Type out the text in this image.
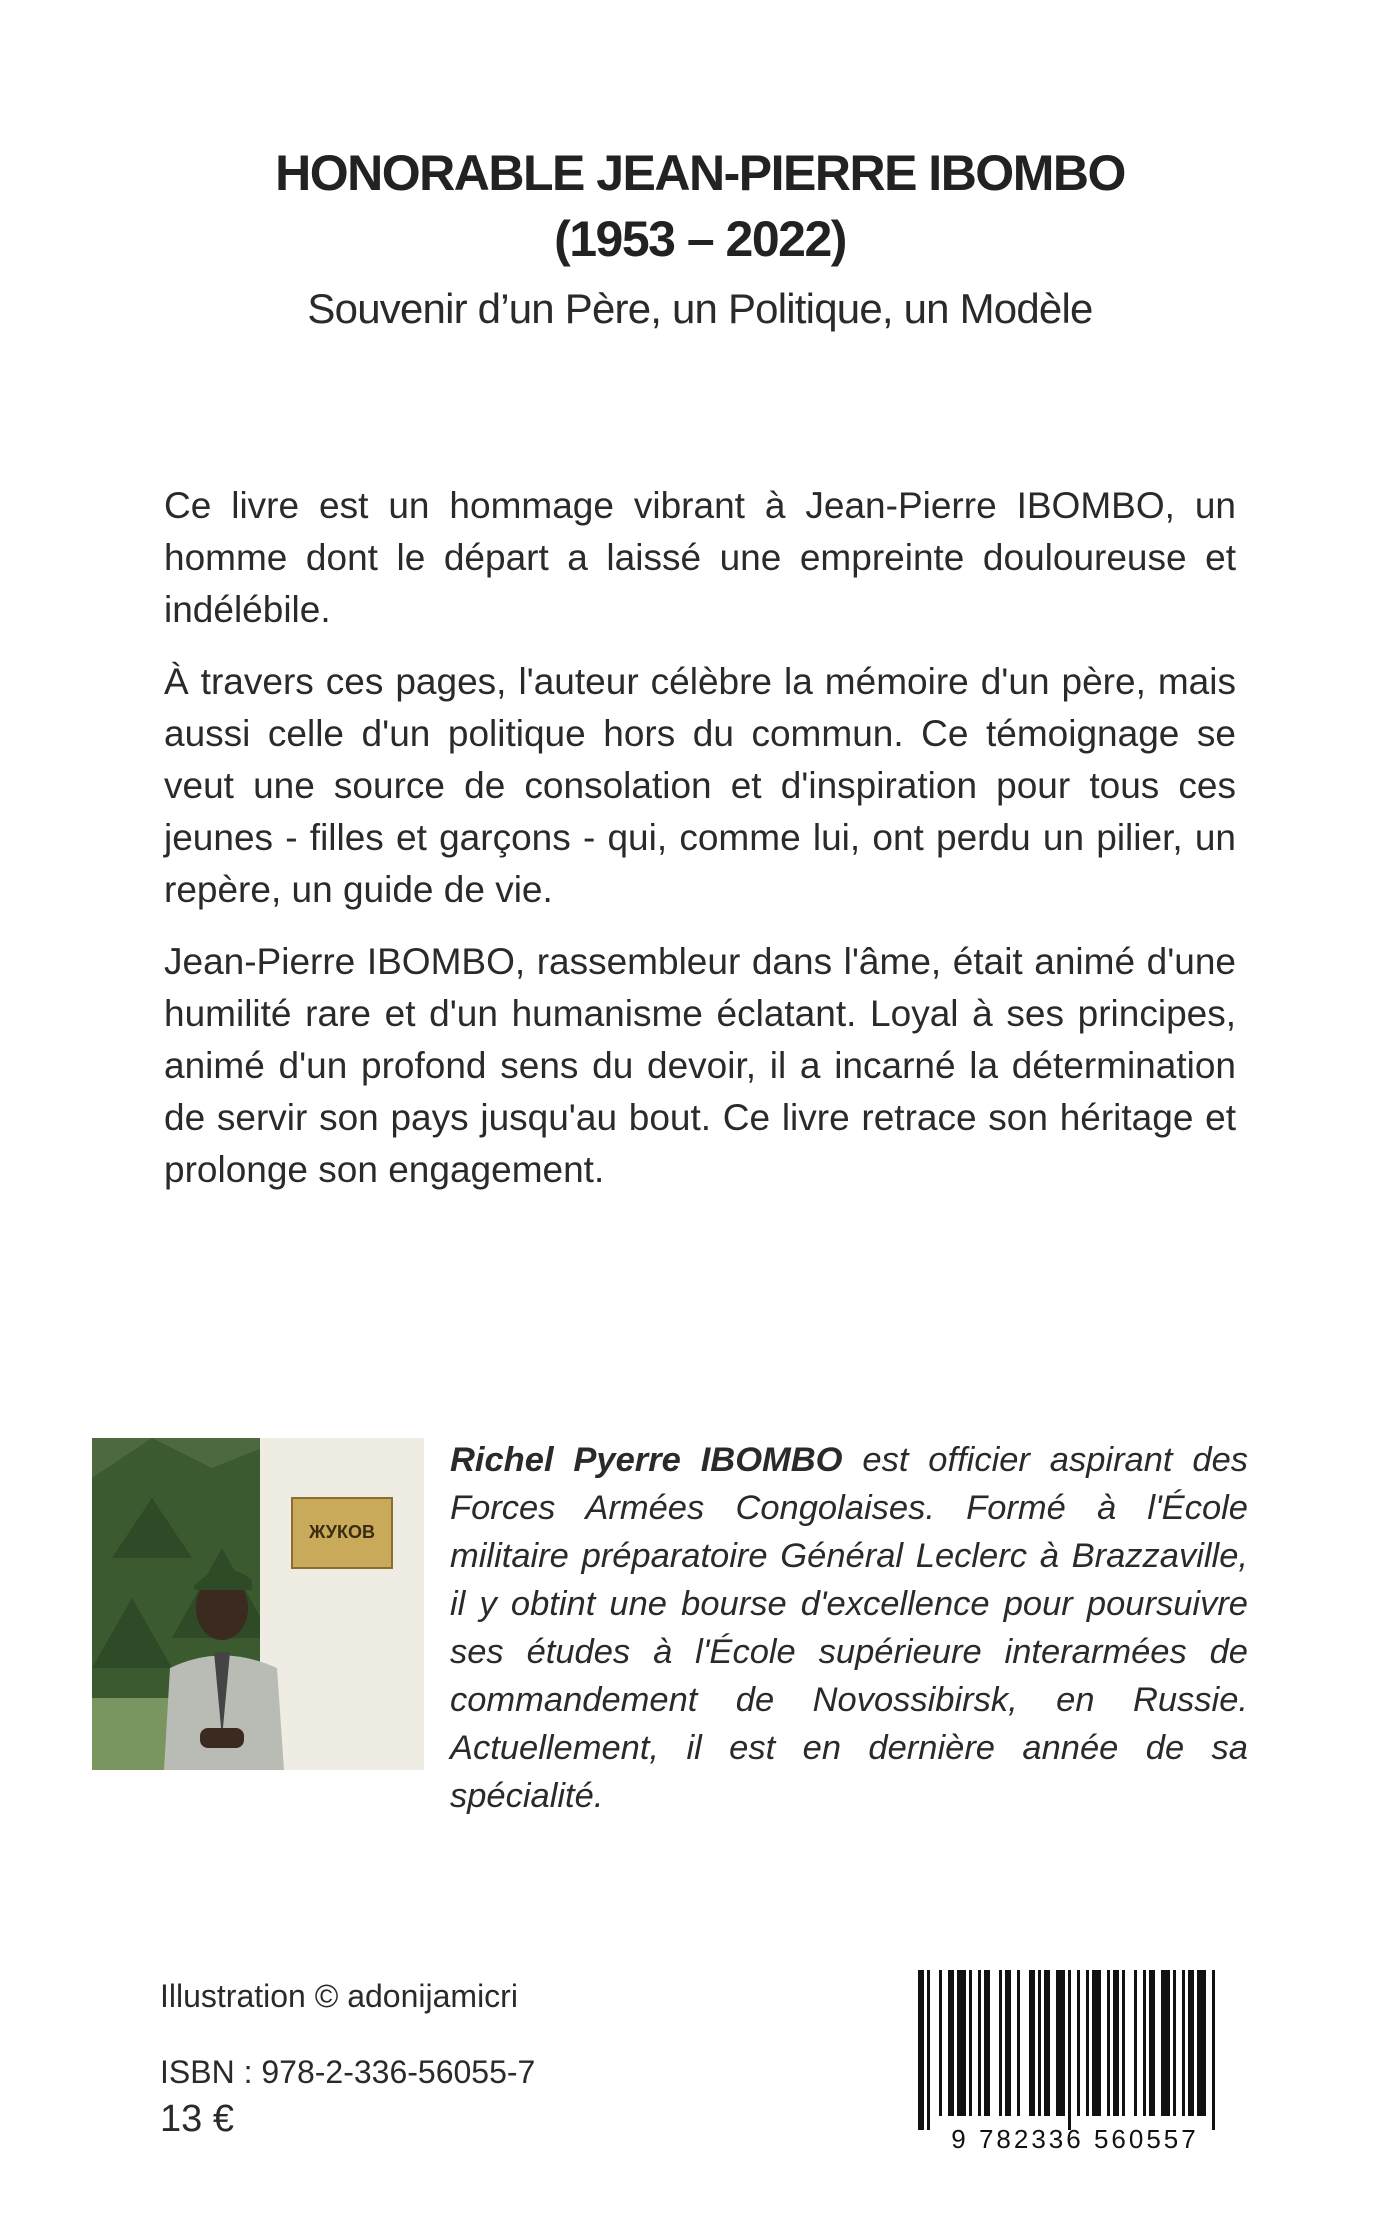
HONORABLE JEAN-PIERRE IBOMBO
(1953 – 2022)
Souvenir d’un Père, un Politique, un Modèle

Ce livre est un hommage vibrant à Jean-Pierre IBOMBO, un homme dont le départ a laissé une empreinte douloureuse et indélébile.

À travers ces pages, l'auteur célèbre la mémoire d'un père, mais aussi celle d'un politique hors du commun. Ce témoignage se veut une source de consolation et d'inspiration pour tous ces jeunes - filles et garçons - qui, comme lui, ont perdu un pilier, un repère, un guide de vie.

Jean-Pierre IBOMBO, rassembleur dans l'âme, était animé d'une humilité rare et d'un humanisme éclatant. Loyal à ses principes, animé d'un profond sens du devoir, il a incarné la détermination de servir son pays jusqu'au bout. Ce livre retrace son héritage et prolonge son engagement.

ЖУКОВ
Richel Pyerre IBOMBO est officier aspirant des Forces Armées Congolaises. Formé à l'École militaire préparatoire Général Leclerc à Brazzaville, il y obtint une bourse d'excellence pour poursuivre ses études à l'École supérieure interarmées de commandement de Novossibirsk, en Russie. Actuellement, il est en dernière année de sa spécialité.
Illustration © adonijamicri
ISBN : 978-2-336-56055-7
13 €	9 782336 560557
